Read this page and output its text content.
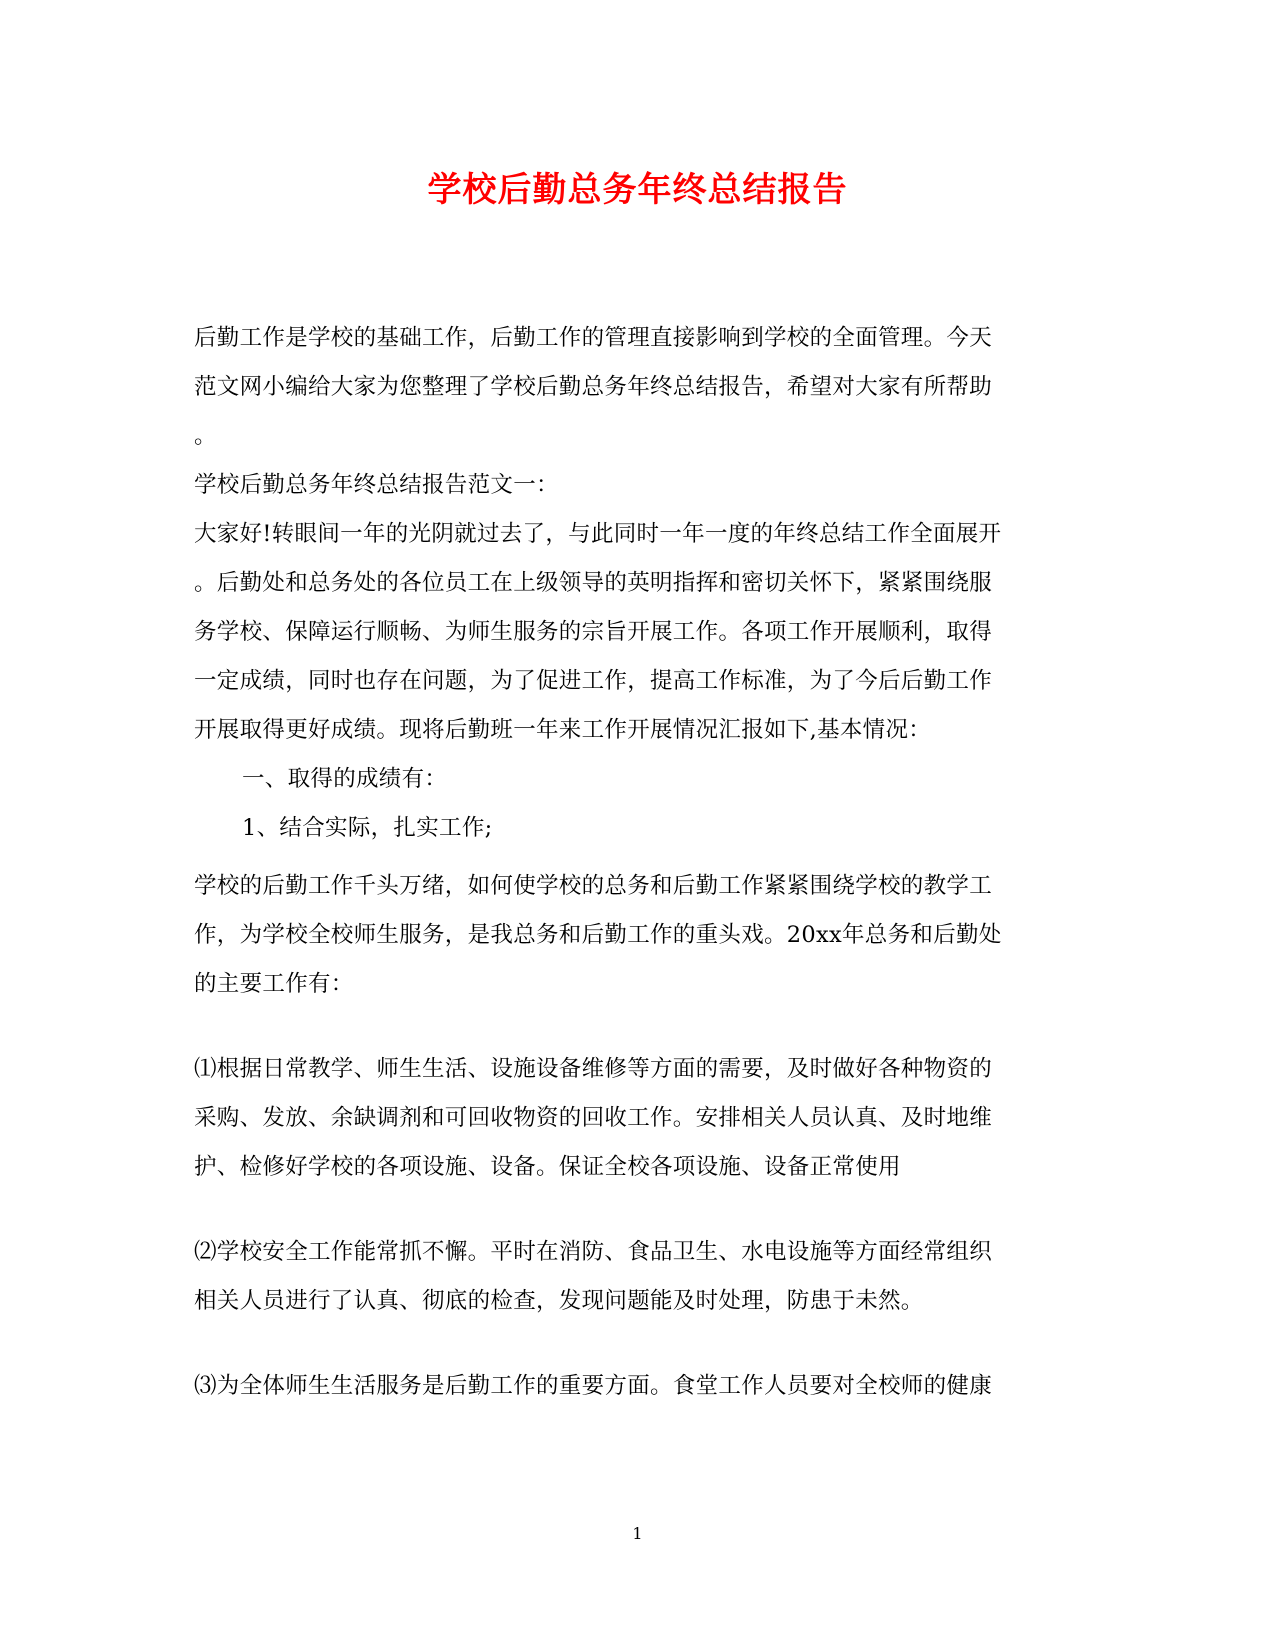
学校后勤总务年终总结报告
后勤工作是学校的基础工作，后勤工作的管理直接影响到学校的全面管理。今天
范文网小编给大家为您整理了学校后勤总务年终总结报告，希望对大家有所帮助
。
学校后勤总务年终总结报告范文一：
大家好!转眼间一年的光阴就过去了，与此同时一年一度的年终总结工作全面展开
。后勤处和总务处的各位员工在上级领导的英明指挥和密切关怀下，紧紧围绕服
务学校、保障运行顺畅、为师生服务的宗旨开展工作。各项工作开展顺利，取得
一定成绩，同时也存在问题，为了促进工作，提高工作标准，为了今后后勤工作
开展取得更好成绩。现将后勤班一年来工作开展情况汇报如下,基本情况：
一、取得的成绩有：
1、结合实际，扎实工作;
学校的后勤工作千头万绪，如何使学校的总务和后勤工作紧紧围绕学校的教学工
作，为学校全校师生服务，是我总务和后勤工作的重头戏。20xx年总务和后勤处
的主要工作有：
⑴根据日常教学、师生生活、设施设备维修等方面的需要，及时做好各种物资的
采购、发放、余缺调剂和可回收物资的回收工作。安排相关人员认真、及时地维
护、检修好学校的各项设施、设备。保证全校各项设施、设备正常使用
⑵学校安全工作能常抓不懈。平时在消防、食品卫生、水电设施等方面经常组织
相关人员进行了认真、彻底的检查，发现问题能及时处理，防患于未然。
⑶为全体师生生活服务是后勤工作的重要方面。食堂工作人员要对全校师的健康
1
